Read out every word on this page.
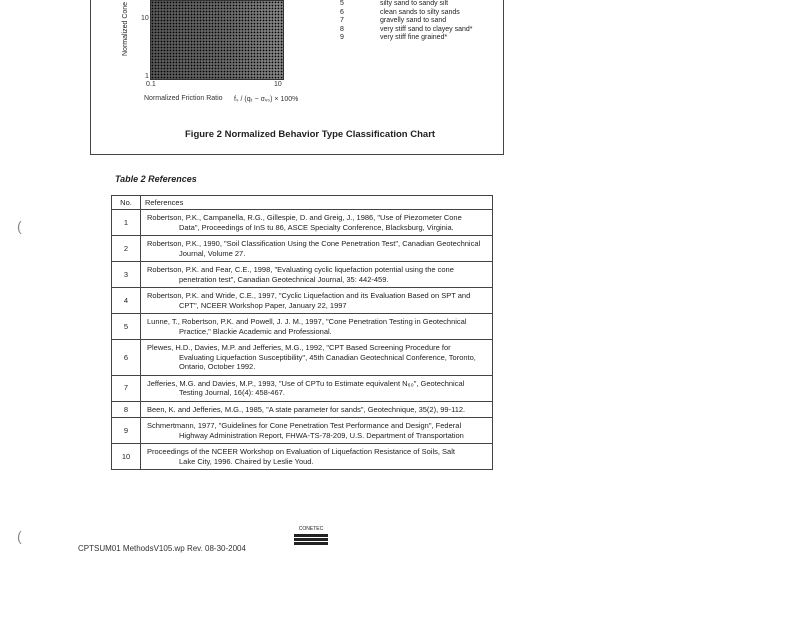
Normalized Cone 10
1
0.1	10
Normalized Friction Ratio fₛ / (qₜ − σᵥ₀) × 100%
5	silty sand to sandy silt
6	clean sands to silty sands
7	gravelly sand to sand
8	very stiff sand to clayey sand*
9	very stiff fine grained*
Figure 2 Normalized Behavior Type Classification Chart
Table 2 References
No.	References
1	Robertson, P.K., Campanella, R.G., Gillespie, D. and Greig, J., 1986, "Use of Piezometer Cone
Data", Proceedings of InS tu 86, ASCE Specialty Conference, Blacksburg, Virginia.

2	Robertson, P.K., 1990, "Soil Classification Using the Cone Penetration Test", Canadian Geotechnical
Journal, Volume 27.

3	Robertson, P.K. and Fear, C.E., 1998, "Evaluating cyclic liquefaction potential using the cone
penetration test", Canadian Geotechnical Journal, 35: 442-459.

4	Robertson, P.K. and Wride, C.E., 1997, "Cyclic Liquefaction and its Evaluation Based on SPT and
CPT", NCEER Workshop Paper, January 22, 1997

5	Lunne, T., Robertson, P.K. and Powell, J. J. M., 1997, "Cone Penetration Testing in Geotechnical
Practice," Blackie Academic and Professional.

6	Plewes, H.D., Davies, M.P. and Jefferies, M.G., 1992, "CPT Based Screening Procedure for
Evaluating Liquefaction Susceptibility", 45th Canadian Geotechnical Conference, Toronto, Ontario, October 1992.

7	Jefferies, M.G. and Davies, M.P., 1993, "Use of CPTu to Estimate equivalent N₆₀", Geotechnical
Testing Journal, 16(4): 458-467.

8	Been, K. and Jefferies, M.G., 1985, "A state parameter for sands", Geotechnique, 35(2), 99-112.

9	Schmertmann, 1977, "Guidelines for Cone Penetration Test Performance and Design", Federal
Highway Administration Report, FHWA-TS-78-209, U.S. Department of Transportation

10	Proceedings of the NCEER Workshop on Evaluation of Liquefaction Resistance of Soils, Salt
Lake City, 1996. Chaired by Leslie Youd.
(
(	CONETEC
CPTSUM01 MethodsV105.wp Rev. 08-30-2004
